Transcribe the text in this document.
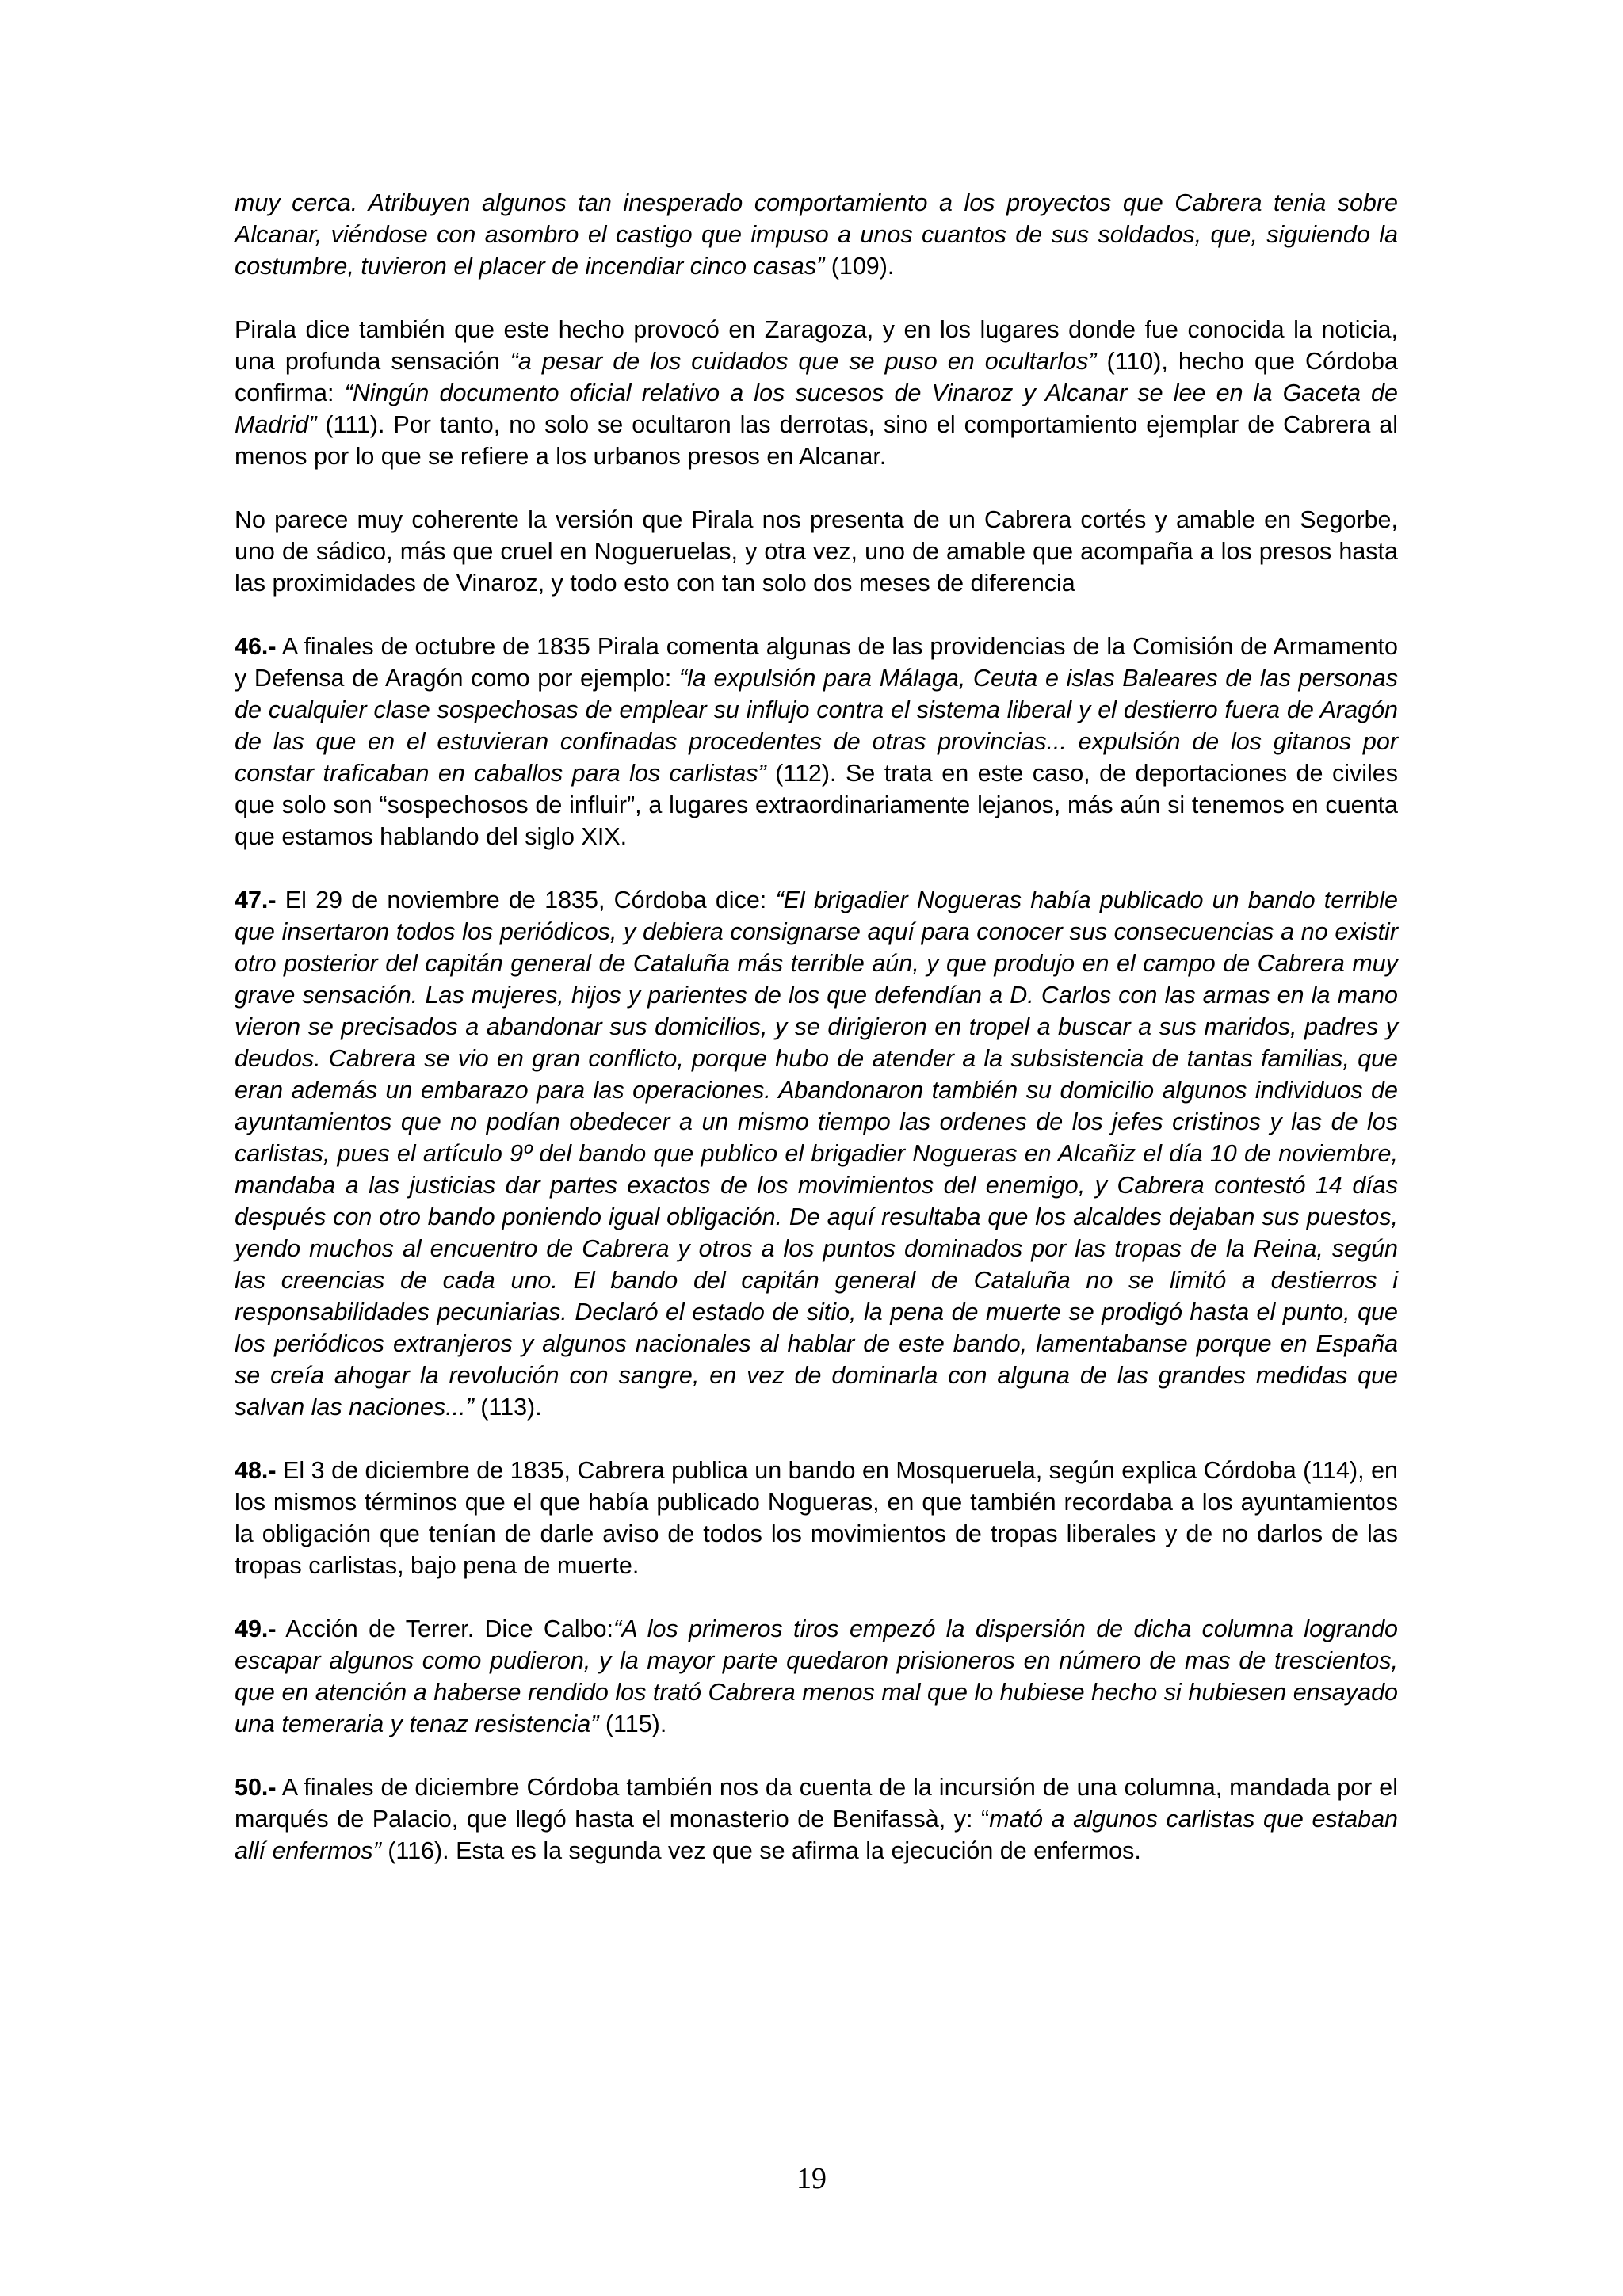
muy cerca. Atribuyen algunos tan inesperado comportamiento a los proyectos que Cabrera tenia sobre Alcanar, viéndose con asombro el castigo que impuso a unos cuantos de sus soldados, que, siguiendo la costumbre, tuvieron el placer de incendiar cinco casas” (109).

Pirala dice también que este hecho provocó en Zaragoza, y en los lugares donde fue conocida la noticia, una profunda sensación “a pesar de los cuidados que se puso en ocultarlos” (110), hecho que Córdoba confirma: “Ningún documento oficial relativo a los sucesos de Vinaroz y Alcanar se lee en la Gaceta de Madrid” (111). Por tanto, no solo se ocultaron las derrotas, sino el comportamiento ejemplar de Cabrera al menos por lo que se refiere a los urbanos presos en Alcanar.

No parece muy coherente la versión que Pirala nos presenta de un Cabrera cortés y amable en Segorbe, uno de sádico, más que cruel en Nogueruelas, y otra vez, uno de amable que acompaña a los presos hasta las proximidades de Vinaroz, y todo esto con tan solo dos meses de diferencia

46.- A finales de octubre de 1835 Pirala comenta algunas de las providencias de la Comisión de Armamento y Defensa de Aragón como por ejemplo: “la expulsión para Málaga, Ceuta e islas Baleares de las personas de cualquier clase sospechosas de emplear su influjo contra el sistema liberal y el destierro fuera de Aragón de las que en el estuvieran confinadas procedentes de otras provincias... expulsión de los gitanos por constar traficaban en caballos para los carlistas” (112). Se trata en este caso, de deportaciones de civiles que solo son “sospechosos de influir”, a lugares extraordinariamente lejanos, más aún si tenemos en cuenta que estamos hablando del siglo XIX.

47.- El 29 de noviembre de 1835, Córdoba dice: “El brigadier Nogueras había publicado un bando terrible que insertaron todos los periódicos, y debiera consignarse aquí para conocer sus consecuencias a no existir otro posterior del capitán general de Cataluña más terrible aún, y que produjo en el campo de Cabrera muy grave sensación. Las mujeres, hijos y parientes de los que defendían a D. Carlos con las armas en la mano vieron se precisados a abandonar sus domicilios, y se dirigieron en tropel a buscar a sus maridos, padres y deudos. Cabrera se vio en gran conflicto, porque hubo de atender a la subsistencia de tantas familias, que eran además un embarazo para las operaciones. Abandonaron también su domicilio algunos individuos de ayuntamientos que no podían obedecer a un mismo tiempo las ordenes de los jefes cristinos y las de los carlistas, pues el artículo 9º del bando que publico el brigadier Nogueras en Alcañiz el día 10 de noviembre, mandaba a las justicias dar partes exactos de los movimientos del enemigo, y Cabrera contestó 14 días después con otro bando poniendo igual obligación. De aquí resultaba que los alcaldes dejaban sus puestos, yendo muchos al encuentro de Cabrera y otros a los puntos dominados por las tropas de la Reina, según las creencias de cada uno. El bando del capitán general de Cataluña no se limitó a destierros i responsabilidades pecuniarias. Declaró el estado de sitio, la pena de muerte se prodigó hasta el punto, que los periódicos extranjeros y algunos nacionales al hablar de este bando, lamentabanse porque en España se creía ahogar la revolución con sangre, en vez de dominarla con alguna de las grandes medidas que salvan las naciones...” (113).

48.- El 3 de diciembre de 1835, Cabrera publica un bando en Mosqueruela, según explica Córdoba (114), en los mismos términos que el que había publicado Nogueras, en que también recordaba a los ayuntamientos la obligación que tenían de darle aviso de todos los movimientos de tropas liberales y de no darlos de las tropas carlistas, bajo pena de muerte.

49.- Acción de Terrer. Dice Calbo:“A los primeros tiros empezó la dispersión de dicha columna logrando escapar algunos como pudieron, y la mayor parte quedaron prisioneros en número de mas de trescientos, que en atención a haberse rendido los trató Cabrera menos mal que lo hubiese hecho si hubiesen ensayado una temeraria y tenaz resistencia” (115).

50.- A finales de diciembre Córdoba también nos da cuenta de la incursión de una columna, mandada por el marqués de Palacio, que llegó hasta el monasterio de Benifassà, y: “mató a algunos carlistas que estaban allí enfermos” (116). Esta es la segunda vez que se afirma la ejecución de enfermos.

19
